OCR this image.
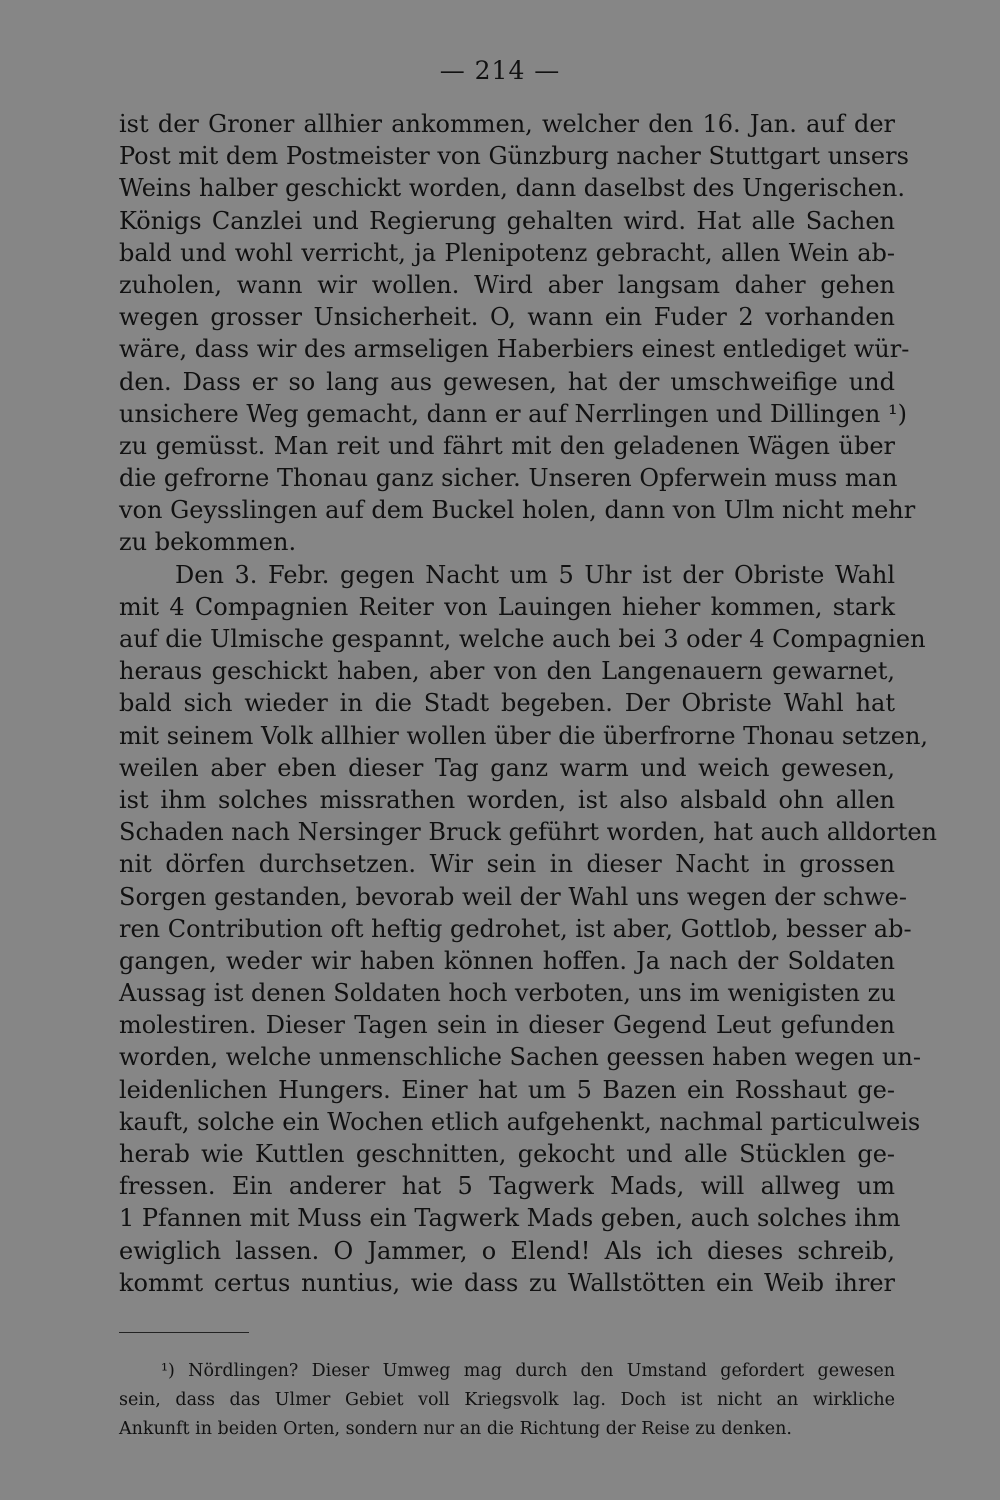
— 214 —
ist der Groner allhier ankommen, welcher den 16. Jan. auf der
Post mit dem Postmeister von Günzburg nacher Stuttgart unsers
Weins halber geschickt worden, dann daselbst des Ungerischen.
Königs Canzlei und Regierung gehalten wird. Hat alle Sachen
bald und wohl verricht, ja Plenipotenz gebracht, allen Wein ab-
zuholen, wann wir wollen. Wird aber langsam daher gehen
wegen grosser Unsicherheit. O, wann ein Fuder 2 vorhanden
wäre, dass wir des armseligen Haberbiers einest entlediget wür-
den. Dass er so lang aus gewesen, hat der umschweifige und
unsichere Weg gemacht, dann er auf Nerrlingen und Dillingen ¹)
zu gemüsst. Man reit und fährt mit den geladenen Wägen über
die gefrorne Thonau ganz sicher. Unseren Opferwein muss man
von Geysslingen auf dem Buckel holen, dann von Ulm nicht mehr
zu bekommen.
Den 3. Febr. gegen Nacht um 5 Uhr ist der Obriste Wahl
mit 4 Compagnien Reiter von Lauingen hieher kommen, stark
auf die Ulmische gespannt, welche auch bei 3 oder 4 Compagnien
heraus geschickt haben, aber von den Langenauern gewarnet,
bald sich wieder in die Stadt begeben. Der Obriste Wahl hat
mit seinem Volk allhier wollen über die überfrorne Thonau setzen,
weilen aber eben dieser Tag ganz warm und weich gewesen,
ist ihm solches missrathen worden, ist also alsbald ohn allen
Schaden nach Nersinger Bruck geführt worden, hat auch alldorten
nit dörfen durchsetzen. Wir sein in dieser Nacht in grossen
Sorgen gestanden, bevorab weil der Wahl uns wegen der schwe-
ren Contribution oft heftig gedrohet, ist aber, Gottlob, besser ab-
gangen, weder wir haben können hoffen. Ja nach der Soldaten
Aussag ist denen Soldaten hoch verboten, uns im wenigisten zu
molestiren. Dieser Tagen sein in dieser Gegend Leut gefunden
worden, welche unmenschliche Sachen geessen haben wegen un-
leidenlichen Hungers. Einer hat um 5 Bazen ein Rosshaut ge-
kauft, solche ein Wochen etlich aufgehenkt, nachmal particulweis
herab wie Kuttlen geschnitten, gekocht und alle Stücklen ge-
fressen. Ein anderer hat 5 Tagwerk Mads, will allweg um
1 Pfannen mit Muss ein Tagwerk Mads geben, auch solches ihm
ewiglich lassen. O Jammer, o Elend! Als ich dieses schreib,
kommt certus nuntius, wie dass zu Wallstötten ein Weib ihrer
¹) Nördlingen? Dieser Umweg mag durch den Umstand gefordert gewesen
sein, dass das Ulmer Gebiet voll Kriegsvolk lag. Doch ist nicht an wirkliche
Ankunft in beiden Orten, sondern nur an die Richtung der Reise zu denken.
